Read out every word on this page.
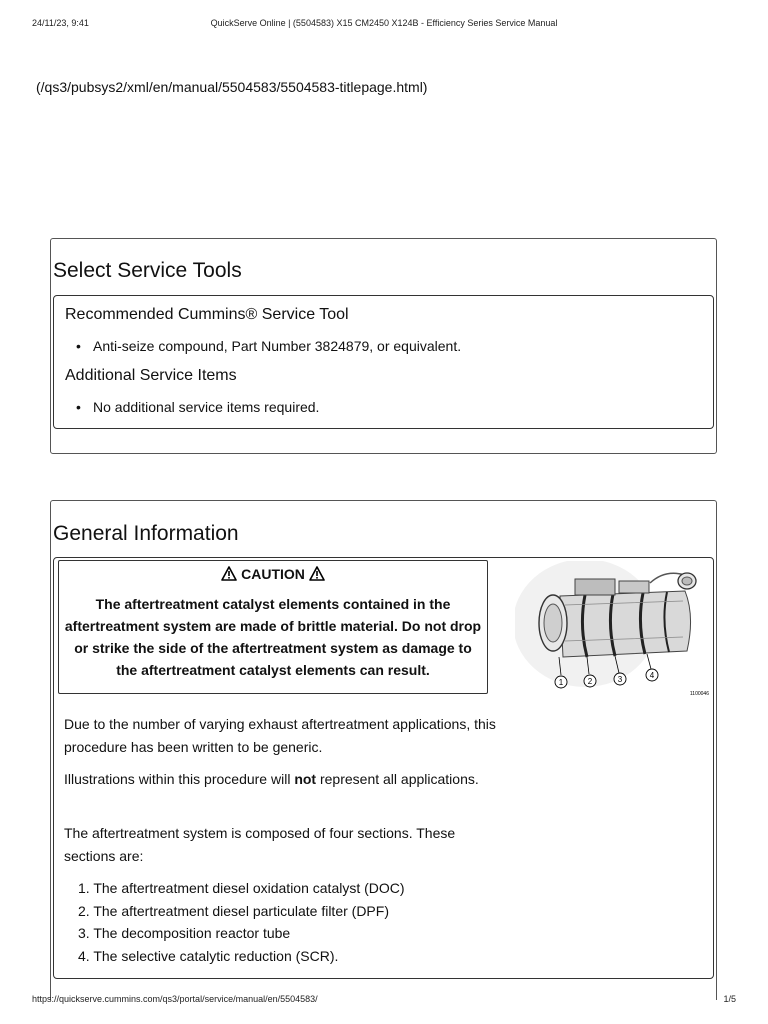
24/11/23, 9:41	QuickServe Online | (5504583) X15 CM2450 X124B - Efficiency Series Service Manual
(/qs3/pubsys2/xml/en/manual/5504583/5504583-titlepage.html)
Select Service Tools
Recommended Cummins® Service Tool
• Anti-seize compound, Part Number 3824879, or equivalent.
Additional Service Items
• No additional service items required.
General Information
CAUTION
The aftertreatment catalyst elements contained in the aftertreatment system are made of brittle material. Do not drop or strike the side of the aftertreatment system as damage to the aftertreatment catalyst elements can result.
1	2	3	4
1100046
Due to the number of varying exhaust aftertreatment applications, this procedure has been written to be generic.
Illustrations within this procedure will not represent all applications.
The aftertreatment system is composed of four sections. These sections are:
1. The aftertreatment diesel oxidation catalyst (DOC)
2. The aftertreatment diesel particulate filter (DPF)
3. The decomposition reactor tube
4. The selective catalytic reduction (SCR).
https://quickserve.cummins.com/qs3/portal/service/manual/en/5504583/	1/5
